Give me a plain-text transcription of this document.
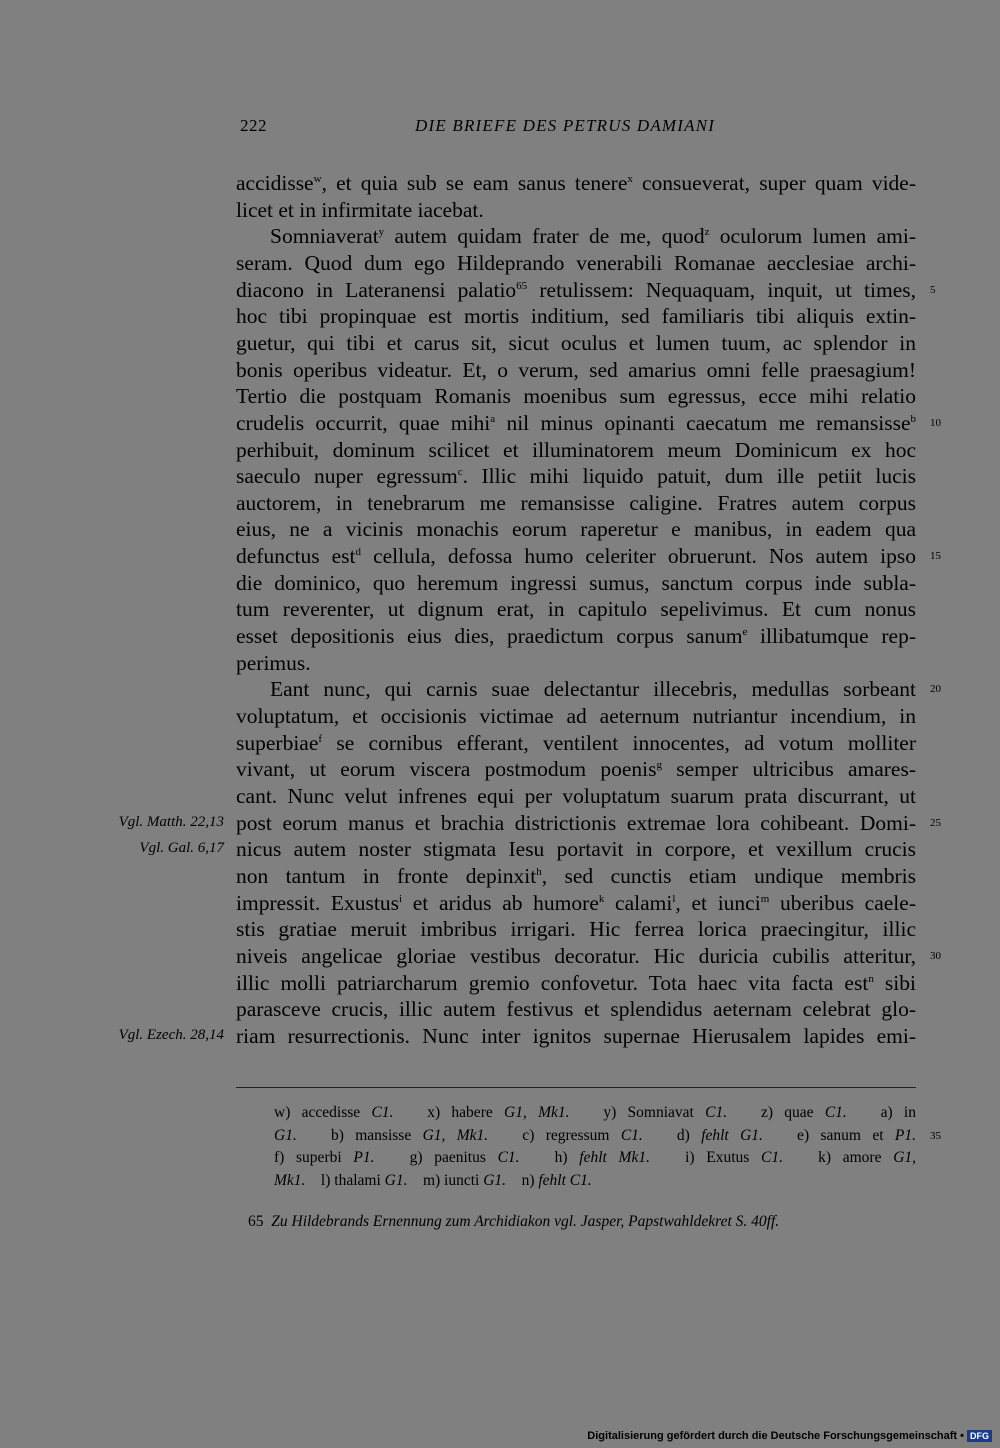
222	DIE BRIEFE DES PETRUS DAMIANI
accidisse$^w$, et quia sub se eam sanus tenere$^x$ consueverat, super quam vide-
licet et in infirmitate iacebat.
Somniaverat$^y$ autem quidam frater de me, quod$^z$ oculorum lumen ami-
seram. Quod dum ego Hildeprando venerabili Romanae aecclesiae archi-
diacono in Lateranensi palatio$^{65}$ retulissem: Nequaquam, inquit, ut times,
hoc tibi propinquae est mortis inditium, sed familiaris tibi aliquis extin-
guetur, qui tibi et carus sit, sicut oculus et lumen tuum, ac splendor in
bonis operibus videatur. Et, o verum, sed amarius omni felle praesagium!
Tertio die postquam Romanis moenibus sum egressus, ecce mihi relatio
crudelis occurrit, quae mihi$^a$ nil minus opinanti caecatum me remansisse$^b$
perhibuit, dominum scilicet et illuminatorem meum Dominicum ex hoc
saeculo nuper egressum$^c$. Illic mihi liquido patuit, dum ille petiit lucis
auctorem, in tenebrarum me remansisse caligine. Fratres autem corpus
eius, ne a vicinis monachis eorum raperetur e manibus, in eadem qua
defunctus est$^d$ cellula, defossa humo celeriter obruerunt. Nos autem ipso
die dominico, quo heremum ingressi sumus, sanctum corpus inde subla-
tum reverenter, ut dignum erat, in capitulo sepelivimus. Et cum nonus
esset depositionis eius dies, praedictum corpus sanum$^e$ illibatumque rep-
perimus.
Eant nunc, qui carnis suae delectantur illecebris, medullas sorbeant
voluptatum, et occisionis victimae ad aeternum nutriantur incendium, in
superbiae$^f$ se cornibus efferant, ventilent innocentes, ad votum molliter
vivant, ut eorum viscera postmodum poenis$^g$ semper ultricibus amares-
cant. Nunc velut infrenes equi per voluptatum suarum prata discurrant, ut
post eorum manus et brachia districtionis extremae lora cohibeant. Domi-
nicus autem noster stigmata Iesu portavit in corpore, et vexillum crucis
non tantum in fronte depinxit$^h$, sed cunctis etiam undique membris
impressit. Exustus$^i$ et aridus ab humore$^k$ calami$^l$, et iunci$^m$ uberibus caele-
stis gratiae meruit imbribus irrigari. Hic ferrea lorica praecingitur, illic
niveis angelicae gloriae vestibus decoratur. Hic duricia cubilis atteritur,
illic molli patriarcharum gremio confovetur. Tota haec vita facta est$^n$ sibi
parasceve crucis, illic autem festivus et splendidus aeternam celebrat glo-
riam resurrectionis. Nunc inter ignitos supernae Hierusalem lapides emi-
5
10
15
20
25
30
35
Vgl. Matth. 22,13
Vgl. Gal. 6,17
Vgl. Ezech. 28,14
w) accedisse C1.   x) habere G1, Mk1.   y) Somniavat C1.   z) quae C1.   a) in
G1.   b) mansisse G1, Mk1.   c) regressum C1.   d) fehlt G1.   e) sanum et P1.
f) superbi P1.   g) paenitus C1.   h) fehlt Mk1.   i) Exutus C1.   k) amore G1,
Mk1.    l) thalami G1.    m) iuncti G1.    n) fehlt C1.
65 Zu Hildebrands Ernennung zum Archidiakon vgl. Jasper, Papstwahldekret S. 40ff.
Digitalisierung gefördert durch die Deutsche Forschungsgemeinschaft • DFG
